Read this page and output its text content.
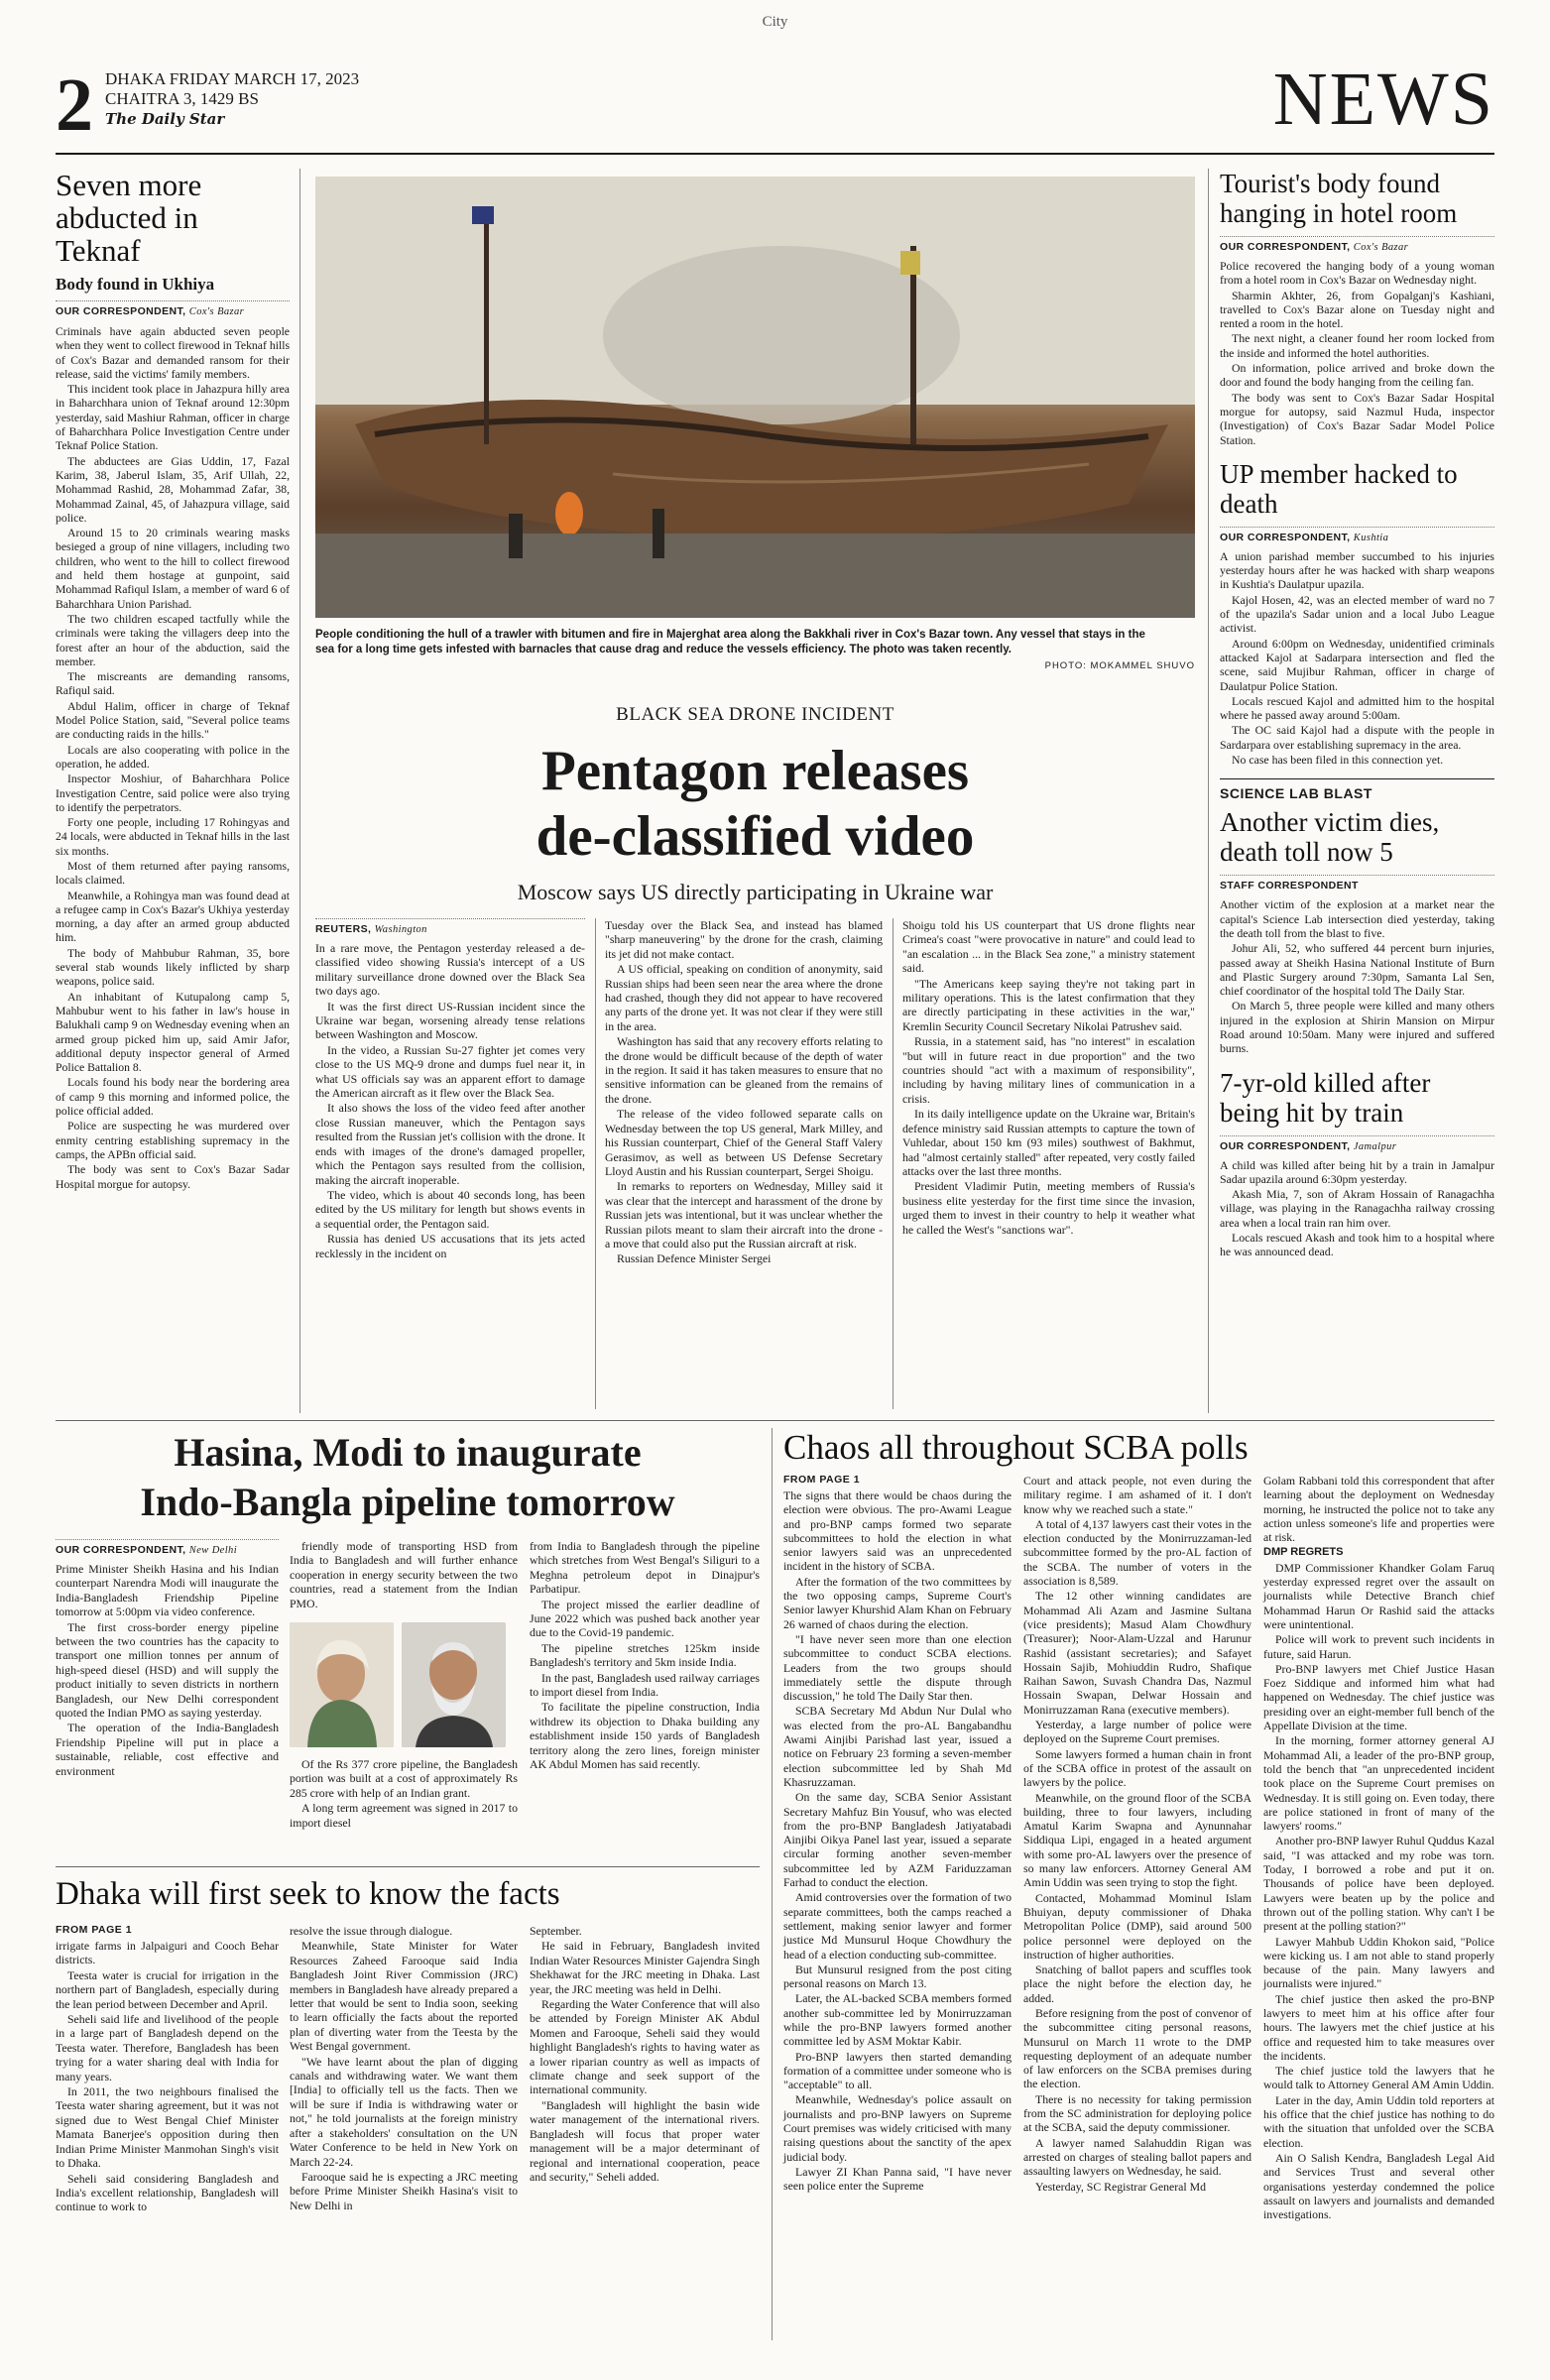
City
2 DHAKA FRIDAY MARCH 17, 2023
CHAITRA 3, 1429 BS
The Daily Star	NEWS
Seven more abducted in Teknaf
Body found in Ukhiya
OUR CORRESPONDENT, Cox's Bazar

Criminals have again abducted seven people when they went to collect firewood in Teknaf hills of Cox's Bazar and demanded ransom for their release, said the victims' family members.

This incident took place in Jahazpura hilly area in Baharchhara union of Teknaf around 12:30pm yesterday, said Mashiur Rahman, officer in charge of Baharchhara Police Investigation Centre under Teknaf Police Station.

The abductees are Gias Uddin, 17, Fazal Karim, 38, Jaberul Islam, 35, Arif Ullah, 22, Mohammad Rashid, 28, Mohammad Zafar, 38, Mohammad Zainal, 45, of Jahazpura village, said police.

Around 15 to 20 criminals wearing masks besieged a group of nine villagers, including two children, who went to the hill to collect firewood and held them hostage at gunpoint, said Mohammad Rafiqul Islam, a member of ward 6 of Baharchhara Union Parishad.

The two children escaped tactfully while the criminals were taking the villagers deep into the forest after an hour of the abduction, said the member.

The miscreants are demanding ransoms, Rafiqul said.

Abdul Halim, officer in charge of Teknaf Model Police Station, said, "Several police teams are conducting raids in the hills."

Locals are also cooperating with police in the operation, he added.

Inspector Moshiur, of Baharchhara Police Investigation Centre, said police were also trying to identify the perpetrators.

Forty one people, including 17 Rohingyas and 24 locals, were abducted in Teknaf hills in the last six months.

Most of them returned after paying ransoms, locals claimed.

Meanwhile, a Rohingya man was found dead at a refugee camp in Cox's Bazar's Ukhiya yesterday morning, a day after an armed group abducted him.

The body of Mahbubur Rahman, 35, bore several stab wounds likely inflicted by sharp weapons, police said.

An inhabitant of Kutupalong camp 5, Mahbubur went to his father in law's house in Balukhali camp 9 on Wednesday evening when an armed group picked him up, said Amir Jafor, additional deputy inspector general of Armed Police Battalion 8.

Locals found his body near the bordering area of camp 9 this morning and informed police, the police official added.

Police are suspecting he was murdered over enmity centring establishing supremacy in the camps, the APBn official said.

The body was sent to Cox's Bazar Sadar Hospital morgue for autopsy.

People conditioning the hull of a trawler with bitumen and fire in Majerghat area along the Bakkhali river in Cox's Bazar town. Any vessel that stays in the sea for a long time gets infested with barnacles that cause drag and reduce the vessels efficiency. The photo was taken recently.
PHOTO: MOKAMMEL SHUVO
BLACK SEA DRONE INCIDENT
Pentagon releases
de-classified video
Moscow says US directly participating in Ukraine war
REUTERS, Washington

In a rare move, the Pentagon yesterday released a de-classified video showing Russia's intercept of a US military surveillance drone downed over the Black Sea two days ago.

It was the first direct US-Russian incident since the Ukraine war began, worsening already tense relations between Washington and Moscow.

In the video, a Russian Su-27 fighter jet comes very close to the US MQ-9 drone and dumps fuel near it, in what US officials say was an apparent effort to damage the American aircraft as it flew over the Black Sea.

It also shows the loss of the video feed after another close Russian maneuver, which the Pentagon says resulted from the Russian jet's collision with the drone. It ends with images of the drone's damaged propeller, which the Pentagon says resulted from the collision, making the aircraft inoperable.

The video, which is about 40 seconds long, has been edited by the US military for length but shows events in a sequential order, the Pentagon said.

Russia has denied US accusations that its jets acted recklessly in the incident on

Tuesday over the Black Sea, and instead has blamed "sharp maneuvering" by the drone for the crash, claiming its jet did not make contact.

A US official, speaking on condition of anonymity, said Russian ships had been seen near the area where the drone had crashed, though they did not appear to have recovered any parts of the drone yet. It was not clear if they were still in the area.

Washington has said that any recovery efforts relating to the drone would be difficult because of the depth of water in the region. It said it has taken measures to ensure that no sensitive information can be gleaned from the remains of the drone.

The release of the video followed separate calls on Wednesday between the top US general, Mark Milley, and his Russian counterpart, Chief of the General Staff Valery Gerasimov, as well as between US Defense Secretary Lloyd Austin and his Russian counterpart, Sergei Shoigu.

In remarks to reporters on Wednesday, Milley said it was clear that the intercept and harassment of the drone by Russian jets was intentional, but it was unclear whether the Russian pilots meant to slam their aircraft into the drone - a move that could also put the Russian aircraft at risk.

Russian Defence Minister Sergei

Shoigu told his US counterpart that US drone flights near Crimea's coast "were provocative in nature" and could lead to "an escalation ... in the Black Sea zone," a ministry statement said.

"The Americans keep saying they're not taking part in military operations. This is the latest confirmation that they are directly participating in these activities in the war," Kremlin Security Council Secretary Nikolai Patrushev said.

Russia, in a statement said, has "no interest" in escalation "but will in future react in due proportion" and the two countries should "act with a maximum of responsibility", including by having military lines of communication in a crisis.

In its daily intelligence update on the Ukraine war, Britain's defence ministry said Russian attempts to capture the town of Vuhledar, about 150 km (93 miles) southwest of Bakhmut, had "almost certainly stalled" after repeated, very costly failed attacks over the last three months.

President Vladimir Putin, meeting members of Russia's business elite yesterday for the first time since the invasion, urged them to invest in their country to help it weather what he called the West's "sanctions war".

Tourist's body found hanging in hotel room
OUR CORRESPONDENT, Cox's Bazar

Police recovered the hanging body of a young woman from a hotel room in Cox's Bazar on Wednesday night.

Sharmin Akhter, 26, from Gopalganj's Kashiani, travelled to Cox's Bazar alone on Tuesday night and rented a room in the hotel.

The next night, a cleaner found her room locked from the inside and informed the hotel authorities.

On information, police arrived and broke down the door and found the body hanging from the ceiling fan.

The body was sent to Cox's Bazar Sadar Hospital morgue for autopsy, said Nazmul Huda, inspector (Investigation) of Cox's Bazar Sadar Model Police Station.

UP member hacked to death
OUR CORRESPONDENT, Kushtia

A union parishad member succumbed to his injuries yesterday hours after he was hacked with sharp weapons in Kushtia's Daulatpur upazila.

Kajol Hosen, 42, was an elected member of ward no 7 of the upazila's Sadar union and a local Jubo League activist.

Around 6:00pm on Wednesday, unidentified criminals attacked Kajol at Sadarpara intersection and fled the scene, said Mujibur Rahman, officer in charge of Daulatpur Police Station.

Locals rescued Kajol and admitted him to the hospital where he passed away around 5:00am.

The OC said Kajol had a dispute with the people in Sardarpara over establishing supremacy in the area.

No case has been filed in this connection yet.

SCIENCE LAB BLAST
Another victim dies, death toll now 5
STAFF CORRESPONDENT

Another victim of the explosion at a market near the capital's Science Lab intersection died yesterday, taking the death toll from the blast to five.

Johur Ali, 52, who suffered 44 percent burn injuries, passed away at Sheikh Hasina National Institute of Burn and Plastic Surgery around 7:30pm, Samanta Lal Sen, chief coordinator of the hospital told The Daily Star.

On March 5, three people were killed and many others injured in the explosion at Shirin Mansion on Mirpur Road around 10:50am. Many were injured and suffered burns.

7-yr-old killed after being hit by train
OUR CORRESPONDENT, Jamalpur

A child was killed after being hit by a train in Jamalpur Sadar upazila around 6:30pm yesterday.

Akash Mia, 7, son of Akram Hossain of Ranagachha village, was playing in the Ranagachha railway crossing area when a local train ran him over.

Locals rescued Akash and took him to a hospital where he was announced dead.

Hasina, Modi to inaugurate
Indo-Bangla pipeline tomorrow
OUR CORRESPONDENT, New Delhi

Prime Minister Sheikh Hasina and his Indian counterpart Narendra Modi will inaugurate the India-Bangladesh Friendship Pipeline tomorrow at 5:00pm via video conference.

The first cross-border energy pipeline between the two countries has the capacity to transport one million tonnes per annum of high-speed diesel (HSD) and will supply the product initially to seven districts in northern Bangladesh, our New Delhi correspondent quoted the Indian PMO as saying yesterday.

The operation of the India-Bangladesh Friendship Pipeline will put in place a sustainable, reliable, cost effective and environment

friendly mode of transporting HSD from India to Bangladesh and will further enhance cooperation in energy security between the two countries, read a statement from the Indian PMO.

Of the Rs 377 crore pipeline, the Bangladesh portion was built at a cost of approximately Rs 285 crore with help of an Indian grant.

A long term agreement was signed in 2017 to import diesel

from India to Bangladesh through the pipeline which stretches from West Bengal's Siliguri to a Meghna petroleum depot in Dinajpur's Parbatipur.

The project missed the earlier deadline of June 2022 which was pushed back another year due to the Covid-19 pandemic.

The pipeline stretches 125km inside Bangladesh's territory and 5km inside India.

In the past, Bangladesh used railway carriages to import diesel from India.

To facilitate the pipeline construction, India withdrew its objection to Dhaka building any establishment inside 150 yards of Bangladesh territory along the zero lines, foreign minister AK Abdul Momen has said recently.

Dhaka will first seek to know the facts
FROM PAGE 1

irrigate farms in Jalpaiguri and Cooch Behar districts.

Teesta water is crucial for irrigation in the northern part of Bangladesh, especially during the lean period between December and April.

Seheli said life and livelihood of the people in a large part of Bangladesh depend on the Teesta water. Therefore, Bangladesh has been trying for a water sharing deal with India for many years.

In 2011, the two neighbours finalised the Teesta water sharing agreement, but it was not signed due to West Bengal Chief Minister Mamata Banerjee's opposition during then Indian Prime Minister Manmohan Singh's visit to Dhaka.

Seheli said considering Bangladesh and India's excellent relationship, Bangladesh will continue to work to

resolve the issue through dialogue.

Meanwhile, State Minister for Water Resources Zaheed Farooque said India Bangladesh Joint River Commission (JRC) members in Bangladesh have already prepared a letter that would be sent to India soon, seeking to learn officially the facts about the reported plan of diverting water from the Teesta by the West Bengal government.

"We have learnt about the plan of digging canals and withdrawing water. We want them [India] to officially tell us the facts. Then we will be sure if India is withdrawing water or not," he told journalists at the foreign ministry after a stakeholders' consultation on the UN Water Conference to be held in New York on March 22-24.

Farooque said he is expecting a JRC meeting before Prime Minister Sheikh Hasina's visit to New Delhi in

September.

He said in February, Bangladesh invited Indian Water Resources Minister Gajendra Singh Shekhawat for the JRC meeting in Dhaka. Last year, the JRC meeting was held in Delhi.

Regarding the Water Conference that will also be attended by Foreign Minister AK Abdul Momen and Farooque, Seheli said they would highlight Bangladesh's rights to having water as a lower riparian country as well as impacts of climate change and seek support of the international community.

"Bangladesh will highlight the basin wide water management of the international rivers. Bangladesh will focus that proper water management will be a major determinant of regional and international cooperation, peace and security," Seheli added.

Chaos all throughout SCBA polls
FROM PAGE 1

The signs that there would be chaos during the election were obvious. The pro-Awami League and pro-BNP camps formed two separate subcommittees to hold the election in what senior lawyers said was an unprecedented incident in the history of SCBA.

After the formation of the two committees by the two opposing camps, Supreme Court's Senior lawyer Khurshid Alam Khan on February 26 warned of chaos during the election.

"I have never seen more than one election subcommittee to conduct SCBA elections. Leaders from the two groups should immediately settle the dispute through discussion," he told The Daily Star then.

SCBA Secretary Md Abdun Nur Dulal who was elected from the pro-AL Bangabandhu Awami Ainjibi Parishad last year, issued a notice on February 23 forming a seven-member election subcommittee led by Shah Md Khasruzzaman.

On the same day, SCBA Senior Assistant Secretary Mahfuz Bin Yousuf, who was elected from the pro-BNP Bangladesh Jatiyatabadi Ainjibi Oikya Panel last year, issued a separate circular forming another seven-member subcommittee led by AZM Fariduzzaman Farhad to conduct the election.

Amid controversies over the formation of two separate committees, both the camps reached a settlement, making senior lawyer and former justice Md Munsurul Hoque Chowdhury the head of a election conducting sub-committee.

But Munsurul resigned from the post citing personal reasons on March 13.

Later, the AL-backed SCBA members formed another sub-committee led by Monirruzzaman while the pro-BNP lawyers formed another committee led by ASM Moktar Kabir.

Pro-BNP lawyers then started demanding formation of a committee under someone who is "acceptable" to all.

Meanwhile, Wednesday's police assault on journalists and pro-BNP lawyers on Supreme Court premises was widely criticised with many raising questions about the sanctity of the apex judicial body.

Lawyer ZI Khan Panna said, "I have never seen police enter the Supreme

Court and attack people, not even during the military regime. I am ashamed of it. I don't know why we reached such a state."

A total of 4,137 lawyers cast their votes in the election conducted by the Monirruzzaman-led subcommittee formed by the pro-AL faction of the SCBA. The number of voters in the association is 8,589.

The 12 other winning candidates are Mohammad Ali Azam and Jasmine Sultana (vice presidents); Masud Alam Chowdhury (Treasurer); Noor-Alam-Uzzal and Harunur Rashid (assistant secretaries); and Safayet Hossain Sajib, Mohiuddin Rudro, Shafique Raihan Sawon, Suvash Chandra Das, Nazmul Hossain Swapan, Delwar Hossain and Monirruzzaman Rana (executive members).

Yesterday, a large number of police were deployed on the Supreme Court premises.

Some lawyers formed a human chain in front of the SCBA office in protest of the assault on lawyers by the police.

Meanwhile, on the ground floor of the SCBA building, three to four lawyers, including Amatul Karim Swapna and Aynunnahar Siddiqua Lipi, engaged in a heated argument with some pro-AL lawyers over the presence of so many law enforcers. Attorney General AM Amin Uddin was seen trying to stop the fight.

Contacted, Mohammad Mominul Islam Bhuiyan, deputy commissioner of Dhaka Metropolitan Police (DMP), said around 500 police personnel were deployed on the instruction of higher authorities.

Snatching of ballot papers and scuffles took place the night before the election day, he added.

Before resigning from the post of convenor of the subcommittee citing personal reasons, Munsurul on March 11 wrote to the DMP requesting deployment of an adequate number of law enforcers on the SCBA premises during the election.

There is no necessity for taking permission from the SC administration for deploying police at the SCBA, said the deputy commissioner.

A lawyer named Salahuddin Rigan was arrested on charges of stealing ballot papers and assaulting lawyers on Wednesday, he said.

Yesterday, SC Registrar General Md

Golam Rabbani told this correspondent that after learning about the deployment on Wednesday morning, he instructed the police not to take any action unless someone's life and properties were at risk.

DMP REGRETS

DMP Commissioner Khandker Golam Faruq yesterday expressed regret over the assault on journalists while Detective Branch chief Mohammad Harun Or Rashid said the attacks were unintentional.

Police will work to prevent such incidents in future, said Harun.

Pro-BNP lawyers met Chief Justice Hasan Foez Siddique and informed him what had happened on Wednesday. The chief justice was presiding over an eight-member full bench of the Appellate Division at the time.

In the morning, former attorney general AJ Mohammad Ali, a leader of the pro-BNP group, told the bench that "an unprecedented incident took place on the Supreme Court premises on Wednesday. It is still going on. Even today, there are police stationed in front of many of the lawyers' rooms."

Another pro-BNP lawyer Ruhul Quddus Kazal said, "I was attacked and my robe was torn. Today, I borrowed a robe and put it on. Thousands of police have been deployed. Lawyers were beaten up by the police and thrown out of the polling station. Why can't I be present at the polling station?"

Lawyer Mahbub Uddin Khokon said, "Police were kicking us. I am not able to stand properly because of the pain. Many lawyers and journalists were injured."

The chief justice then asked the pro-BNP lawyers to meet him at his office after four hours. The lawyers met the chief justice at his office and requested him to take measures over the incidents.

The chief justice told the lawyers that he would talk to Attorney General AM Amin Uddin.

Later in the day, Amin Uddin told reporters at his office that the chief justice has nothing to do with the situation that unfolded over the SCBA election.

Ain O Salish Kendra, Bangladesh Legal Aid and Services Trust and several other organisations yesterday condemned the police assault on lawyers and journalists and demanded investigations.
